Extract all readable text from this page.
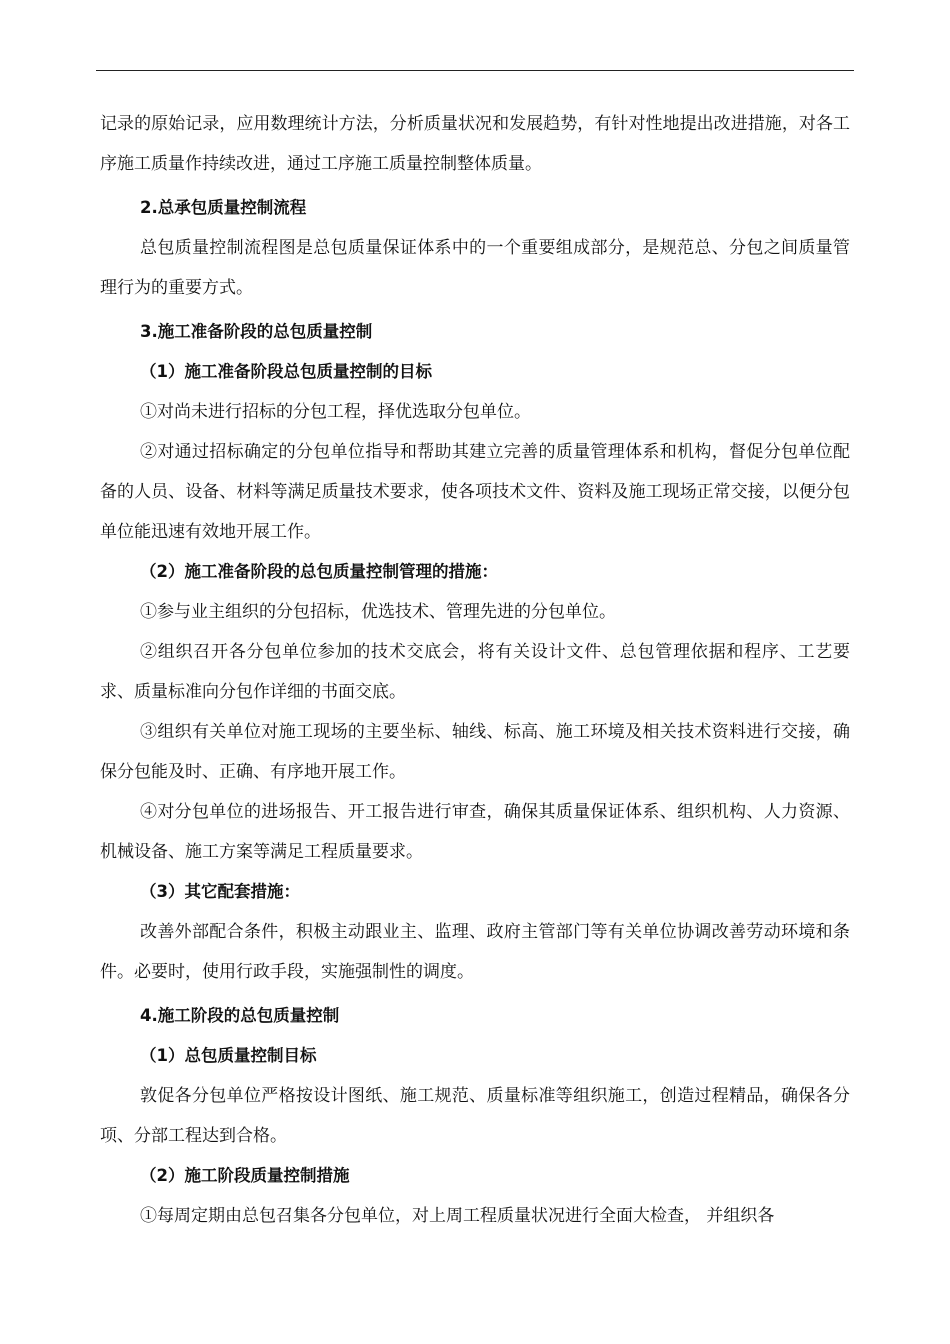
记录的原始记录，应用数理统计方法，分析质量状况和发展趋势，有针对性地提出改进措施，对各工序施工质量作持续改进，通过工序施工质量控制整体质量。

2.总承包质量控制流程

总包质量控制流程图是总包质量保证体系中的一个重要组成部分，是规范总、分包之间质量管理行为的重要方式。

3.施工准备阶段的总包质量控制

（1）施工准备阶段总包质量控制的目标

①对尚未进行招标的分包工程，择优选取分包单位。

②对通过招标确定的分包单位指导和帮助其建立完善的质量管理体系和机构，督促分包单位配备的人员、设备、材料等满足质量技术要求，使各项技术文件、资料及施工现场正常交接，以便分包单位能迅速有效地开展工作。

（2）施工准备阶段的总包质量控制管理的措施：

①参与业主组织的分包招标，优选技术、管理先进的分包单位。

②组织召开各分包单位参加的技术交底会，将有关设计文件、总包管理依据和程序、工艺要求、质量标准向分包作详细的书面交底。

③组织有关单位对施工现场的主要坐标、轴线、标高、施工环境及相关技术资料进行交接，确保分包能及时、正确、有序地开展工作。

④对分包单位的进场报告、开工报告进行审查，确保其质量保证体系、组织机构、人力资源、机械设备、施工方案等满足工程质量要求。

（3）其它配套措施：

改善外部配合条件，积极主动跟业主、监理、政府主管部门等有关单位协调改善劳动环境和条件。必要时，使用行政手段，实施强制性的调度。

4.施工阶段的总包质量控制

（1）总包质量控制目标

敦促各分包单位严格按设计图纸、施工规范、质量标准等组织施工，创造过程精品，确保各分项、分部工程达到合格。

（2）施工阶段质量控制措施

①每周定期由总包召集各分包单位，对上周工程质量状况进行全面大检查， 并组织各
